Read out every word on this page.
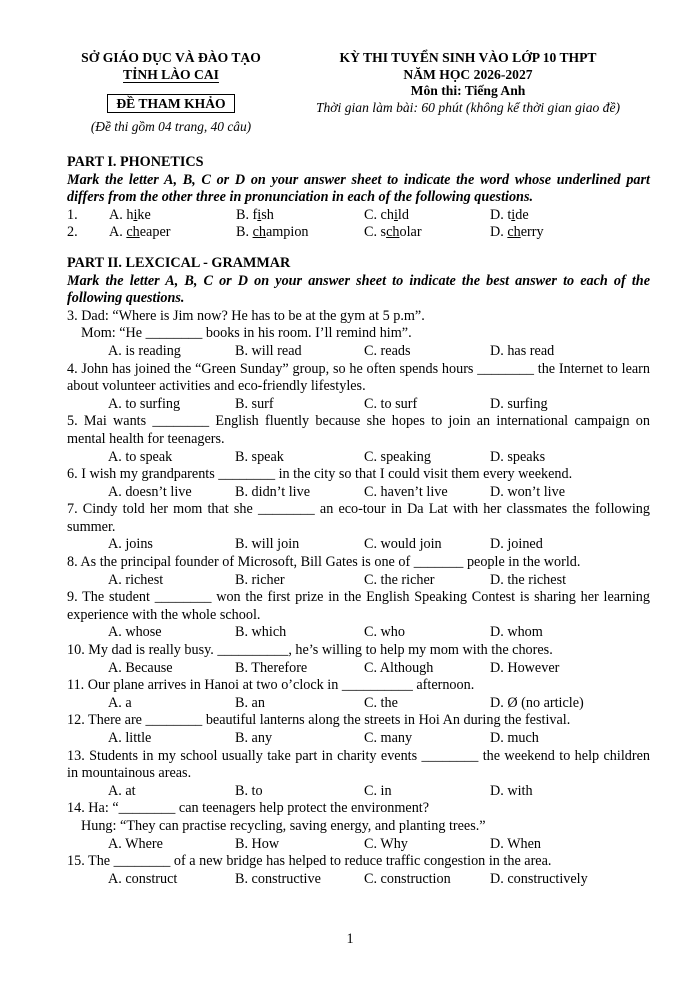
SỞ GIÁO DỤC VÀ ĐÀO TẠO
TỈNH LÀO CAI
ĐỀ THAM KHẢO
(Đề thi gồm 04 trang, 40 câu)
KỲ THI TUYỂN SINH VÀO LỚP 10 THPT
NĂM HỌC 2026-2027
Môn thi: Tiếng Anh
Thời gian làm bài: 60 phút (không kể thời gian giao đề)
PART I. PHONETICS
Mark the letter A, B, C or D on your answer sheet to indicate the word whose underlined part differs from the other three in pronunciation in each of the following questions.
1. A. hike	B. fish	C. child	D. tide
2. A. cheaper	B. champion	C. scholar	D. cherry
PART II. LEXCICAL - GRAMMAR
Mark the letter A, B, C or D on your answer sheet to indicate the best answer to each of the following questions.
3. Dad: “Where is Jim now? He has to be at the gym at 5 p.m”.
Mom: “He ________ books in his room. I’ll remind him”.
A. is reading	B. will read	C. reads	D. has read
4. John has joined the “Green Sunday” group, so he often spends hours ________ the Internet to learn about volunteer activities and eco-friendly lifestyles.
A. to surfing	B. surf	C. to surf	D. surfing
5. Mai wants ________ English fluently because she hopes to join an international campaign on mental health for teenagers.
A. to speak	B. speak	C. speaking	D. speaks
6. I wish my grandparents ________ in the city so that I could visit them every weekend.
A. doesn’t live	B. didn’t live	C. haven’t live	D. won’t live
7. Cindy told her mom that she ________ an eco-tour in Da Lat with her classmates the following summer.
A. joins	B. will join	C. would join	D. joined
8. As the principal founder of Microsoft, Bill Gates is one of _______ people in the world.
A. richest	B. richer	C. the richer	D. the richest
9. The student ________ won the first prize in the English Speaking Contest is sharing her learning experience with the whole school.
A. whose	B. which	C. who	D. whom
10. My dad is really busy. __________, he’s willing to help my mom with the chores.
A. Because	B. Therefore	C. Although	D. However
11. Our plane arrives in Hanoi at two o’clock in __________ afternoon.
A. a	B. an	C. the	D. Ø (no article)
12. There are ________ beautiful lanterns along the streets in Hoi An during the festival.
A. little	B. any	C. many	D. much
13. Students in my school usually take part in charity events ________ the weekend to help children in mountainous areas.
A. at	B. to	C. in	D. with
14. Ha: “________ can teenagers help protect the environment?
Hung: “They can practise recycling, saving energy, and planting trees.”
A. Where	B. How	C. Why	D. When
15. The ________ of a new bridge has helped to reduce traffic congestion in the area.
A. construct	B. constructive	C. construction	D. constructively
1
